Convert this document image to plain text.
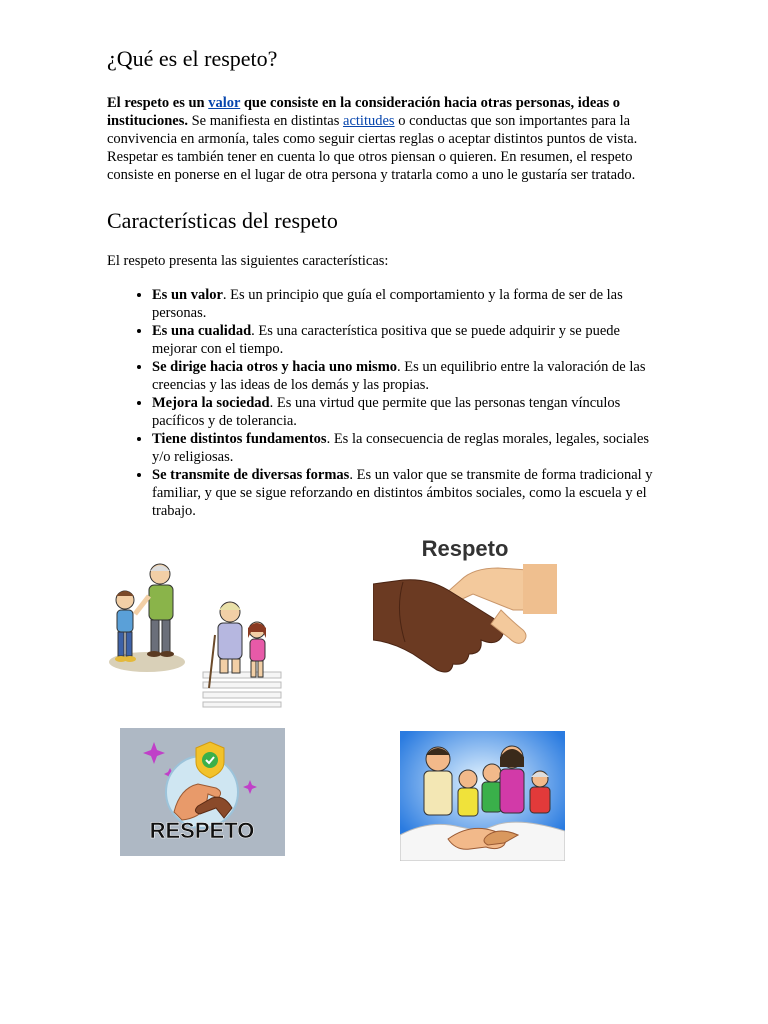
¿Qué es el respeto?

El respeto es un valor que consiste en la consideración hacia otras personas, ideas o instituciones. Se manifiesta en distintas actitudes o conductas que son importantes para la convivencia en armonía, tales como seguir ciertas reglas o aceptar distintos puntos de vista. Respetar es también tener en cuenta lo que otros piensan o quieren. En resumen, el respeto consiste en ponerse en el lugar de otra persona y tratarla como a uno le gustaría ser tratado.

Características del respeto

El respeto presenta las siguientes características:

• Es un valor. Es un principio que guía el comportamiento y la forma de ser de las personas.
• Es una cualidad. Es una característica positiva que se puede adquirir y se puede mejorar con el tiempo.
• Se dirige hacia otros y hacia uno mismo. Es un equilibrio entre la valoración de las creencias y las ideas de los demás y las propias.
• Mejora la sociedad. Es una virtud que permite que las personas tengan vínculos pacíficos y de tolerancia.
• Tiene distintos fundamentos. Es la consecuencia de reglas morales, legales, sociales y/o religiosas.
• Se transmite de diversas formas. Es un valor que se transmite de forma tradicional y familiar, y que se sigue reforzando en distintos ámbitos sociales, como la escuela y el trabajo.
Respeto
RESPETO
